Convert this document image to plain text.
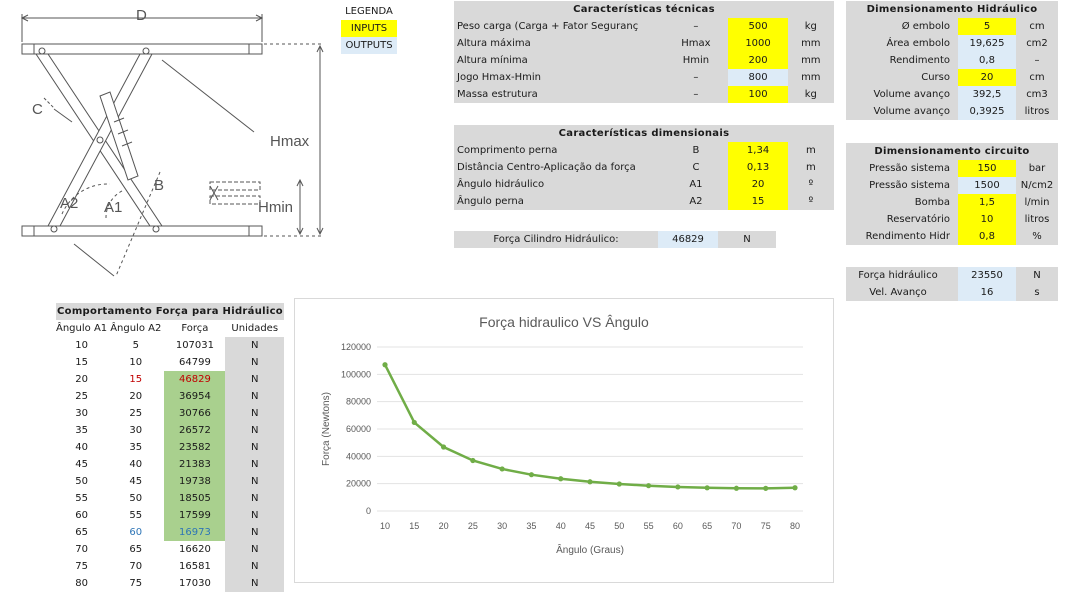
D
C
B
A1
A2
Hmax
Hmin
LEGENDA
INPUTS
OUTPUTS
Características técnicas				
Peso carga (Carga + Fator Seguranç	–		500	kg
Altura máxima	Hmax		1000	mm
Altura mínima	Hmin		200	mm
Jogo Hmax-Hmin	–		800	mm
Massa estrutura	–		100	kg
Características dimensionais				
Comprimento perna	B		1,34	m
Distância Centro-Aplicação da força	C		0,13	m
Ângulo hidráulico	A1		20	º
Ângulo perna	A2		15	º
Força Cilindro Hidráulico:	46829	N
Dimensionamento Hidráulico		
Ø embolo	5	cm
Área embolo	19,625	cm2
Rendimento	0,8	–
Curso	20	cm
Volume avanço	392,5	cm3
Volume avanço	0,3925	litros
Dimensionamento circuito		
Pressão sistema	150	bar
Pressão sistema	1500	N/cm2
Bomba	1,5	l/min
Reservatório	10	litros
Rendimento Hidr	0,8	%
Força hidráulico	23550	N
Vel. Avanço	16	s
Comportamento Força para Hidráulico			
Ângulo A1	Ângulo A2	Força	Unidades
10	5	107031	N
15	10	64799	N
20	15	46829	N
25	20	36954	N
30	25	30766	N
35	30	26572	N
40	35	23582	N
45	40	21383	N
50	45	19738	N
55	50	18505	N
60	55	17599	N
65	60	16973	N
70	65	16620	N
75	70	16581	N
80	75	17030	N
Força hidraulico VS Ângulo
0
20000
40000
60000
80000
100000
120000
10 15 20 25 30 35 40 45 50 55 60 65 70 75 80
Ângulo (Graus)
Força (Newtons)
